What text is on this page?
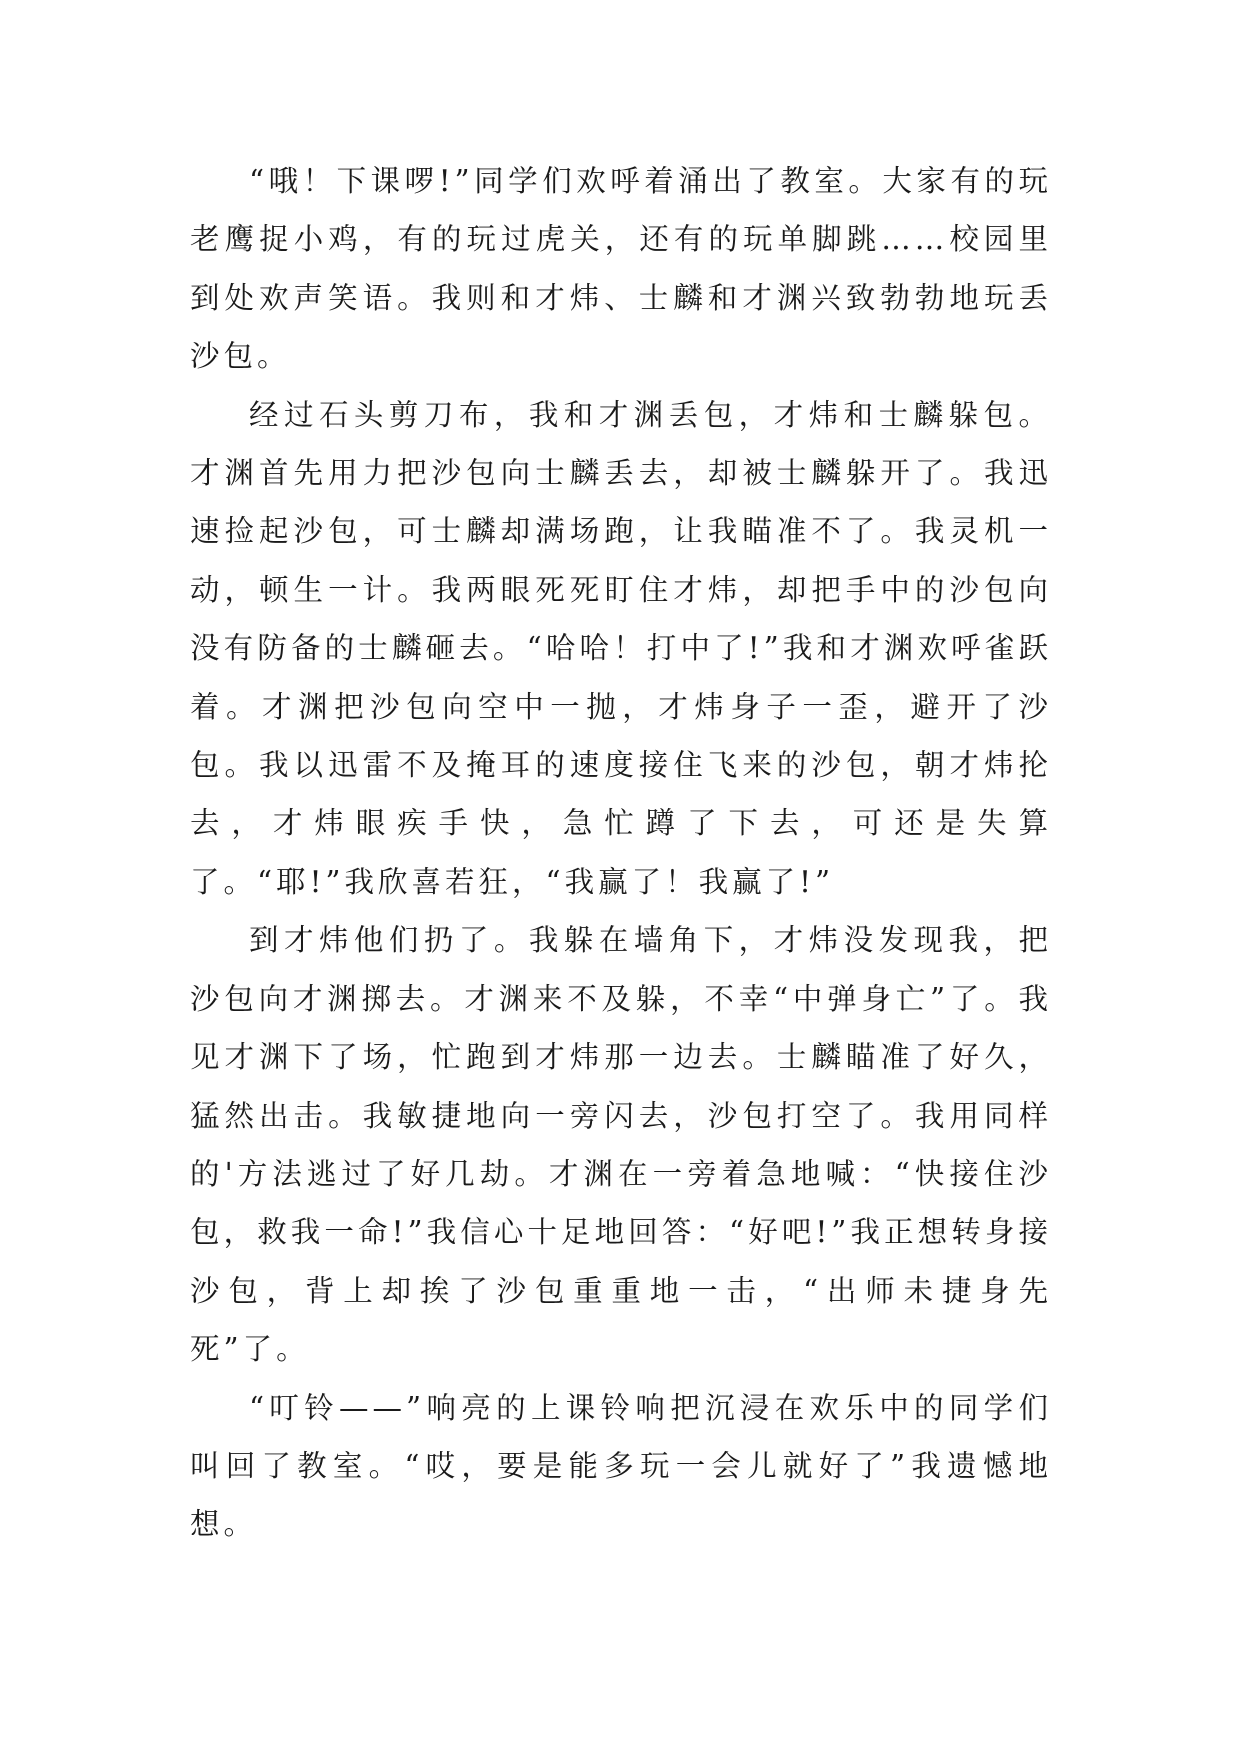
“哦！下课啰!”同学们欢呼着涌出了教室。大家有的玩老鹰捉小鸡，有的玩过虎关，还有的玩单脚跳……校园里到处欢声笑语。我则和才炜、士麟和才渊兴致勃勃地玩丢沙包。

经过石头剪刀布，我和才渊丢包，才炜和士麟躲包。才渊首先用力把沙包向士麟丢去，却被士麟躲开了。我迅速捡起沙包，可士麟却满场跑，让我瞄准不了。我灵机一动，顿生一计。我两眼死死盯住才炜，却把手中的沙包向没有防备的士麟砸去。“哈哈！打中了!”我和才渊欢呼雀跃着。才渊把沙包向空中一抛，才炜身子一歪，避开了沙包。我以迅雷不及掩耳的速度接住飞来的沙包，朝才炜抡去，才炜眼疾手快，急忙蹲了下去，可还是失算了。“耶!”我欣喜若狂，“我赢了！我赢了!”

到才炜他们扔了。我躲在墙角下，才炜没发现我，把沙包向才渊掷去。才渊来不及躲，不幸“中弹身亡”了。我见才渊下了场，忙跑到才炜那一边去。士麟瞄准了好久，猛然出击。我敏捷地向一旁闪去，沙包打空了。我用同样的'方法逃过了好几劫。才渊在一旁着急地喊：“快接住沙包，救我一命!”我信心十足地回答：“好吧!”我正想转身接沙包，背上却挨了沙包重重地一击，“出师未捷身先死”了。

“叮铃——”响亮的上课铃响把沉浸在欢乐中的同学们叫回了教室。“哎，要是能多玩一会儿就好了”我遗憾地想。
